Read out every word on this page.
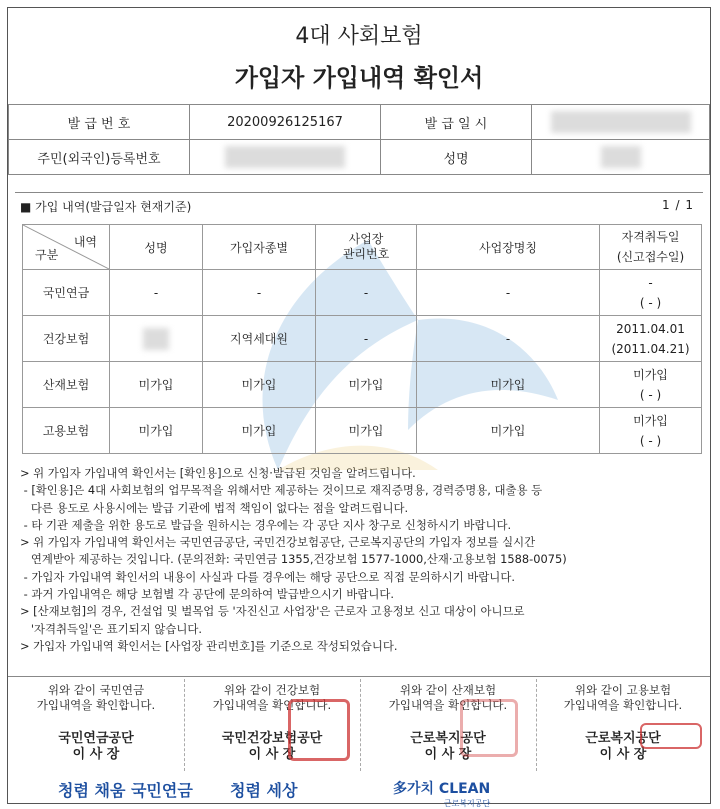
4대 사회보험
가입자 가입내역 확인서
발 급 번 호	20200926125167	발 급 일 시	
주민(외국인)등록번호		성명	
■ 가입 내역(발급일자 현재기준)	1 / 1
내역
구분	성명	가입자종별	사업장
관리번호	사업장명칭	자격취득일
(신고접수일)
국민연금	-	-	-	-	-
( - )

건강보험		지역세대원	-	-	2011.04.01
(2011.04.21)

산재보험	미가입	미가입	미가입	미가입	미가입
( - )

고용보험	미가입	미가입	미가입	미가입	미가입
( - )
> 위 가입자 가입내역 확인서는 [확인용]으로 신청·발급된 것임을 알려드립니다.
- [확인용]은 4대 사회보험의 업무목적을 위해서만 제공하는 것이므로 재직증명용, 경력증명용, 대출용 등
다른 용도로 사용시에는 발급 기관에 법적 책임이 없다는 점을 알려드립니다.
- 타 기관 제출을 위한 용도로 발급을 원하시는 경우에는 각 공단 지사 창구로 신청하시기 바랍니다.
> 위 가입자 가입내역 확인서는 국민연금공단, 국민건강보험공단, 근로복지공단의 가입자 정보를 실시간
연계받아 제공하는 것입니다. (문의전화: 국민연금 1355,건강보험 1577-1000,산재·고용보험 1588-0075)
- 가입자 가입내역 확인서의 내용이 사실과 다를 경우에는 해당 공단으로 직접 문의하시기 바랍니다.
- 과거 가입내역은 해당 보험별 각 공단에 문의하여 발급받으시기 바랍니다.
> [산재보험]의 경우, 건설업 및 벌목업 등 '자진신고 사업장'은 근로자 고용정보 신고 대상이 아니므로
'자격취득일'은 표기되지 않습니다.
> 가입자 가입내역 확인서는 [사업장 관리번호]를 기준으로 작성되었습니다.
위와 같이 국민연금
가입내역을 확인합니다.
국민연금공단
이 사 장
위와 같이 건강보험
가입내역을 확인합니다.
국민건강보험공단
이 사 장
위와 같이 산재보험
가입내역을 확인합니다.
근로복지공단
이 사 장
위와 같이 고용보험
가입내역을 확인합니다.
근로복지공단
이 사 장
청렴 채움 국민연금 청렴 세상	多가치 CLEAN
근로복지공단
